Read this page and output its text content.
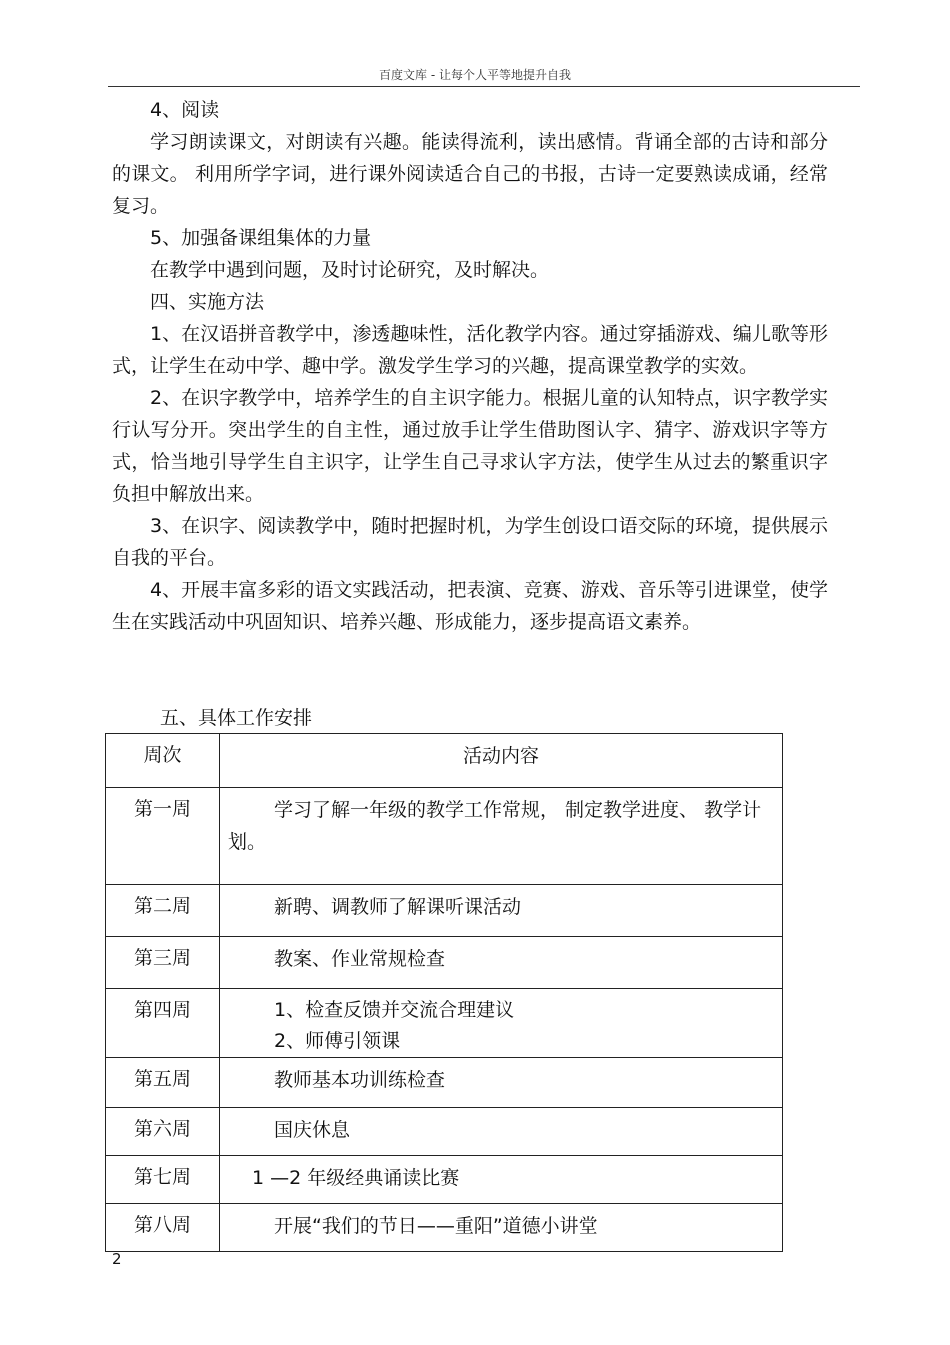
百度文库 - 让每个人平等地提升自我

4、阅读

学习朗读课文，对朗读有兴趣。能读得流利，读出感情。背诵全部的古诗和部分的课文。 利用所学字词，进行课外阅读适合自己的书报，古诗一定要熟读成诵，经常复习。

5、加强备课组集体的力量

在教学中遇到问题，及时讨论研究，及时解决。

四、实施方法

1、在汉语拼音教学中，渗透趣味性，活化教学内容。通过穿插游戏、编儿歌等形式，让学生在动中学、趣中学。激发学生学习的兴趣，提高课堂教学的实效。

2、在识字教学中，培养学生的自主识字能力。根据儿童的认知特点，识字教学实行认写分开。突出学生的自主性，通过放手让学生借助图认字、猜字、游戏识字等方式，恰当地引导学生自主识字，让学生自己寻求认字方法，使学生从过去的繁重识字负担中解放出来。

3、在识字、阅读教学中，随时把握时机，为学生创设口语交际的环境，提供展示自我的平台。

4、开展丰富多彩的语文实践活动，把表演、竞赛、游戏、音乐等引进课堂，使学生在实践活动中巩固知识、培养兴趣、形成能力，逐步提高语文素养。

五、具体工作安排
周次	活动内容
第一周	学习了解一年级的教学工作常规， 制定教学进度、 教学计划。

第二周	新聘、调教师了解课听课活动

第三周	教案、作业常规检查

第四周	1、检查反馈并交流合理建议
2、师傅引领课

第五周	教师基本功训练检查

第六周	国庆休息

第七周	1 —2 年级经典诵读比赛

第八周	开展“我们的节日——重阳”道德小讲堂
2
